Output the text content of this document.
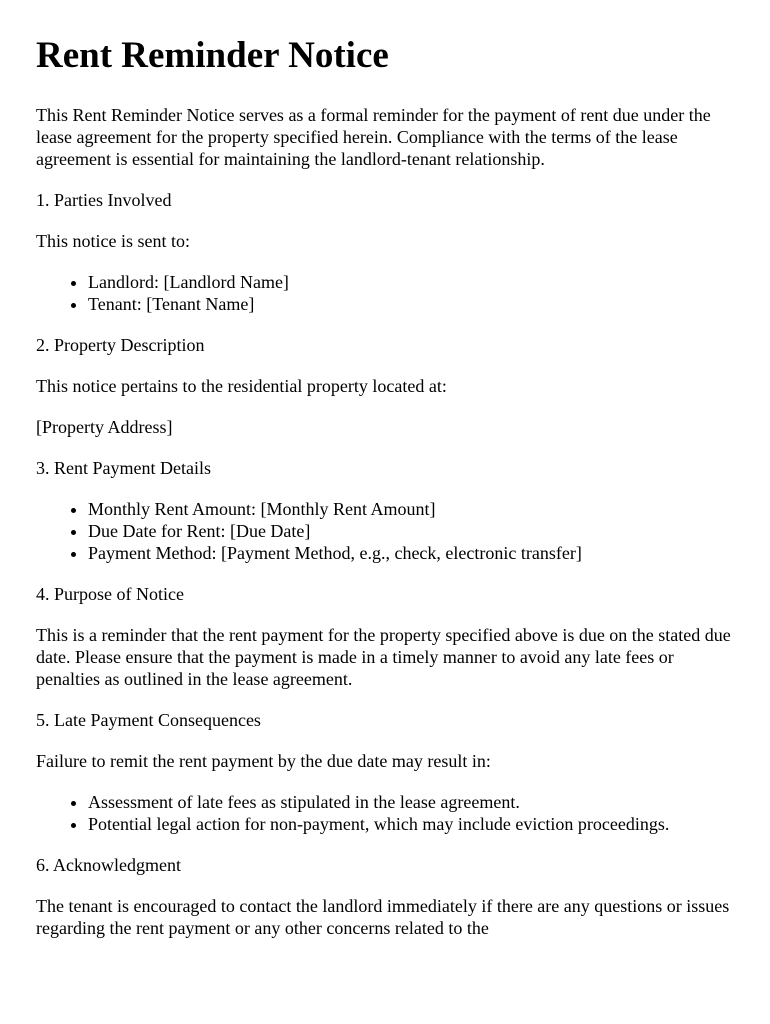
Rent Reminder Notice

This Rent Reminder Notice serves as a formal reminder for the payment of rent due under the lease agreement for the property specified herein. Compliance with the terms of the lease agreement is essential for maintaining the landlord-tenant relationship.

1. Parties Involved

This notice is sent to:

• Landlord: [Landlord Name]
• Tenant: [Tenant Name]

2. Property Description

This notice pertains to the residential property located at:

[Property Address]

3. Rent Payment Details

• Monthly Rent Amount: [Monthly Rent Amount]
• Due Date for Rent: [Due Date]
• Payment Method: [Payment Method, e.g., check, electronic transfer]

4. Purpose of Notice

This is a reminder that the rent payment for the property specified above is due on the stated due date. Please ensure that the payment is made in a timely manner to avoid any late fees or penalties as outlined in the lease agreement.

5. Late Payment Consequences

Failure to remit the rent payment by the due date may result in:

• Assessment of late fees as stipulated in the lease agreement.
• Potential legal action for non-payment, which may include eviction proceedings.

6. Acknowledgment

The tenant is encouraged to contact the landlord immediately if there are any questions or issues regarding the rent payment or any other concerns related to the
